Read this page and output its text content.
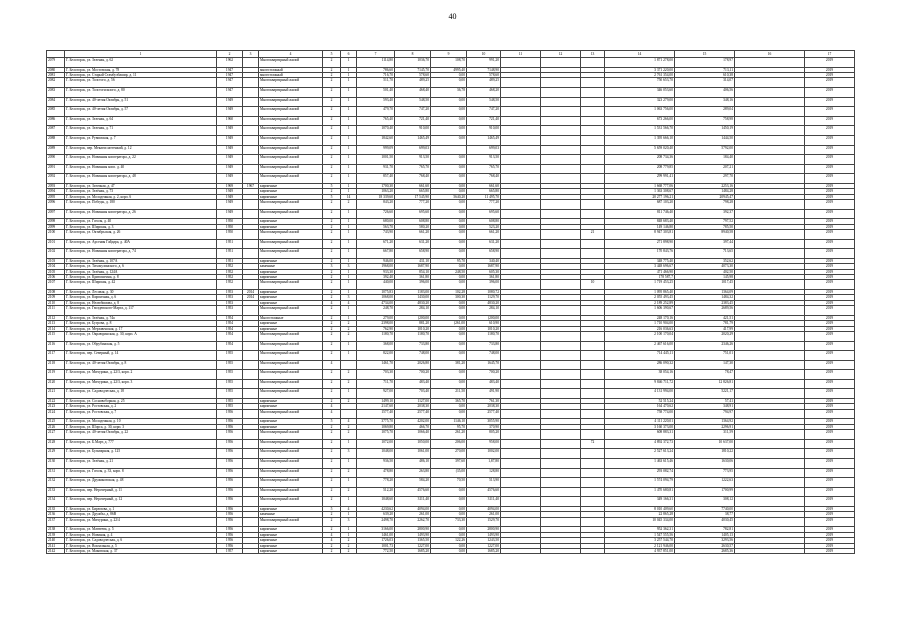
40
	1	2	3	4	5	6	7	8	9	10	11	12	13	14	15	16	17
2079	Г. Белогорск, ул. Зеленая, д. 62	1962		Многоквартирный жилой	2	1	1114,80	1036,70	108,70	991,20				1 871 278,00	178,97		2019
2080	Г. Белогорск, ул. Мостовская, д. 78	1947		многоэтажный	2	1	786,60	7145,70	4995,40	7148,90				3 371 220,00	713,11		2019
2081	Г. Белогорск, ул. Старый Стамбулбашир, д. 11	1947		многоэтажный	2	1	716,70	578,60	0,00	578,60				2 761 354,00	610,38		2019
2082	Г. Белогорск, ул. Толстого, д. 56	1947		Многоквартирный жилой	2	1	511,70	489,25	0,00	489,25				750 653,70	314,07		2019
2083	Г. Белогорск, ул. Толстогильзого, д. 80	1947		Многоквартирный жилой	2	1	501,40	468,40	36,78	468,20				346 053,60	406,56		2019
2084	Г. Белогорск, ул. 40-летия Октября, д. 51	1949		Многоквартирный жилой	2	1	593,40	548,50	0,00	548,50				323 279,00	348,16		2019
2085	Г. Белогорск, ул. 40-летия Октября, д. 57	1949		Многоквартирный жилой	2	1	479,70	747,20	0,00	747,20				1 063 756,00	289,04		2019
2086	Г. Белогорск, ул. Зеленая, д. 64	1960		Многоквартирный жилой	2	1	765,40	721,40	0,00	721,40				673 266,00	758,98		2019
2087	Г. Белогорск, ул. Зеленая, д. 71	1949		Многоквартирный жилой	2	1	1070,40	910,00	0,00	910,00				1 531 566,70	1450,19		2019
2088	Г. Белогорск, ул. Рувимская, д. 7	1949		Многоквартирный жилой	2	1	1842,60	1465,49	0,00	1465,49				1 395 666,10	1444,50		2019
2089	Г. Белогорск, пер. Мекагислаттенкий, д. 12	1949		Многоквартирный жилой	2	1	999,09	699,03		699,03				5 659 020,40	5792,00		2019
2090	Г. Белогорск, ул. Новинная кооператора, д. 22	1949		Многоквартирный жилой	2	1	1001,50	913,50	0,00	913,50				208 734,36	184,40		2019
2091	Г. Белогорск, ул. Новинная кооп. д. 40	1949		Многоквартирный жилой	2	1	931,70	765,70	0,00	765,70				208 779,85	207,21		2019
2092	Г. Белогорск, ул. Новинная кооператора, д. 48	1949		Многоквартирный жилой	2	1	857,40	768,40	0,00	768,40				299 991,41	297,70		2019
2093	Г. Белогорск, ул. Заточная, д. 47	1969	1967	кирпичные	5	1	1700,30	661,60	0,00	661,60				1 668 777,06	2253,16		2019
2094	Г. Белогорск, ул. Зелёная, д. 73	1949		кирпичные	2	1	1063,20	665,80	0,00	665,80				1 363 308,67	1484,28		2019
2095	Г. Белогорск, ул. Молодежная, д. 2, корп. 6	1949		кирпичные	5	14	18 339,60	17 545,90	5640,20	11 495,70				20 277 196,21	20945,47		2019
2096	Г. Белогорск, ул. Победы, д. 180	1949		Многоквартирный жилой	2	2	843,20	777,20	0,00	777,20				687 103,20	798,28		2019
2097	Г. Белогорск, ул. Новинная кооператора, д. 26	1949		Многоквартирный жилой	2	1	726,60	695,60	0,00	695,60				811 746,40	392,37		2019
2098	Г. Белогорск, ул. Гоголя, д. 40	1950		кирпичные	2	1	680,00	608,80	0,00	608,80				848 683,40	797,52		2019
2099	Г. Белогорск, ул. Широкая, д. 3	1950		кирпичные	2	1	563,70	580,20	0,00	523,20				149 146,80	785,50		2019
2100	Г. Белогорск, ул. Октябрьская, д. 26	1950		Многоквартирный жилой	2	1	743,90	661,20	0,00	661,20			21	8 947 303,81	8940,58		2019
2101	Г. Белогорск, ул. Арсения Гайдара, д. 40А	1951		Многоквартирный жилой	2	1	671,20	631,20	0,00	631,20				271 898,90	397,44		2019
2102	Г. Белогорск, ул. Новинная кооператора, д. 74	1951		Многоквартирный жилой	2	1	667,80	658,90	0,00	658,90				170 843,76	713,65		2019
2103	Г. Белогорск, ул. Зелёная, д. 107А	1951		кирпичные	2	1	946,00	431,10	95,70	340,40				348 775,40	352,62		2019
2104	Г. Белогорск, ул. Тихокулинского, д. 6	1952		каменные	3	3	1968,00	1687,90	0,00	1687,90				3 448 696,67	4073,30		2019
2105	Г. Белогорск, ул. Зелёная, д. 124А	1952		кирпичные	2	1	933,30	854,10	248,50	605,30				471 466,90	402,50		2019
2106	Г. Белогорск, ул. Кривошеина, д. 8	1952		кирпичные	2	1	392,40	361,80	0,00	361,80				178 587,7	145,98		2019
2107	Г. Белогорск, ул. Широкая, д. 42	1952		Многоквартирный жилой	2	1	440,00	396,00	0,00	396,00			10	1 719 453,25	1017,45		2019
2108	Г. Белогорск, ул. Лесовая, д. 30	1953	2014	кирпичные	2	1	1075,83	1183,00	102,28	1080,72				1 095 865,40	1364,09		2019
2109	Г. Белогорск, ул. Кирпичная, д. 6	1953	2014	кирпичные	2	3	1068,00	1430,00	300,30	1129,70				2 055 493,45	1484,32		2019
2110	Г. Белогорск, ул. Нелюбимова, д. 8	1953		кирпичные	4	4	4734,00	4830,20	0,00	4830,20				2 189 252,89	2383,45		2019
2111	Г. Белогорск, ул. Гвоздевского-Марта, д. 117	1953		Многоквартирный жилой	2	1	248,70	284,10	0,00	284,10				1 606 390,67	2689,56		2019
2112	Г. Белогорск, ул. Зелёная, д. 74а	1954		Многоэтажные	2	1	279,00	(200,00	0,00	(200,00				248 170,16	421,51		2019
2113	Г. Белогорск, ул. Бугрова, д. 8	1954		кирпичные	2	2	2398,00	881,20	(261,00	610,90				1 710 904,00	781,79		2019
2114	Г. Белогорск, ул. Мерзавенская, д. 17	1954		кирпичные	2	2	762,90	1010,20	0,00	1010,20				216 036,63	417,99		2019
2115	Г. Белогорск, ул. Окраюдинская, д. 30, корп. А	1954		Многоквартирный жилой	2	2	1180,70	1180,70	0,00	1180,70				2 100 170,04	2020,29		2019
2116	Г. Белогорск, ул. Обрубинская, д. 5	1954		Многоквартирный жилой	2	1	368,00	733,80	0,00	733,80				2 467 616,00	2346,26		2019
2117	Г. Белогорск, пер. Северный, д. 14	1955		Многоквартирный жилой	2	1	822,00	748,00	0,00	748,00				714 445,11	751,01		2019
2118	Г. Белогорск, ул. 40-летия Октября, д. 8	1955		Многоквартирный жилой	4		1461,70	2026,80	381,20	1645,70				286 090,32	147,30		2019
2119	Г. Белогорск, ул. Мичурина, д. 22/3, корп. 2	1955		Многоквартирный жилой	2	2	703,30	700,20	0,00	700,20				38 054,16	78,47		2019
2120	Г. Белогорск, ул. Мичурина, д. 22/3, корп. 3	1955		Многоквартирный жилой	2	2	711,70	483,40	0,00	483,40				9 846 711,72	12 826,81		2019
2121	Г. Белогорск, ул. Садоводческая, д. 18	1955		Многоквартирный жилой	2	1	927,00	703,40	211,50	491,90				4 131 994,00	5221,17		2019
2122	Г. Белогорск, ул. Сосновоборкая, д. 25	1955		кирпичные	2	2	1499,10	1127,00	365,70	761,30				52 515,24	57,41		2019
2123	Г. Белогорск, ул. Ростовская, д. 2	1955		кирпичные	4		2147,60	2038,30	0,00	2038,30				164 470,62	348,91		2019
2124	Г. Белогорск, ул. Ростовская, д. 7	1956		Многоквартирный жилой	4		1577,40	2577,40	0,00	2577,40				758 774,00	794,97		2019
2125	Г. Белогорск, ул. Молодежная, д. 10	1956		кирпичные	5	4	3775,70	4202,00	1146,10	3055,90				4 111 220,01	1364,92		2019
2126	Г. Белогорск, ул. Шорса, д. 30, корп. 3	1956		кирпичные	2	2	1069,80	466,70	95,70	370,90				3 160 373,00	2296,91		2019
2127	Г. Белогорск, ул. 40-летия Октября, д. 22	1956		Многоквартирный жилой	2	2	1075,70	1066,40	261,20	805,20				608 883,31	311,59		2019
2128	Г. Белогорск, ул. Б.Март, д. 777	1956		Многоквартирный жилой	2	1	1072,00	1050,00	206,00	958,00			72	4 892 372,73	10 637,00		2019
2129	Г. Белогорск, ул. Бульварная, д. 125	1956		Многоквартирный жилой	2	3	1048,00	1061,00	270,00	1002,00				2 527 613,24	1810,22		2019
2130	Г. Белогорск, ул. Зелёная, д. 21	1956		Многоквартирный жилой	2	1	936,50	486,10	397,60	1,87,80				1 463 615,46	1630,06		2019
2131	Г. Белогорск, ул. Гоголя, д. 33, корп. 8	1956		Многоквартирный жилой	2	2	478,80	263,80	(35,00	128,80				293 082,74	773,95		2019
2132	Г. Белогорск, ул. Дружиновская, д. 48	1956		Многоквартирный жилой	2	1	778,20	584,20	70,50	513,90				1 574 094,79	1222,63		2019
2133	Г. Белогорск, пер. Нерочерный, д. 11	1956		Многоквартирный жилой	2	2	512,20	4576,60	0,00	4576,60				1 470 680,81	1700,99		2019
2134	Г. Белогорск, пер. Нерочерный, д. 12	1956		Многоквартирный жилой	2	1	1048,60	3111,40	0,00	3111,40				349 166,31	308,12		2019
2135	Г. Белогорск, ул. Бирюзова, д. 1	1956		кирпичные	5	4	4230,62	4094,00	0,00	4094,00				8 010 409,60	7740,00		2019
2136	Г. Белогорск, ул. Дружбы, д. 86В	1956		каменные	2	1	639,20	261,00	0,00	261,00				22 865,28	38,77		2019
2137	Г. Белогорск, ул. Мичурина, д. 22/4	1956		Многоквартирный жилой	2	3	2498,70	2262,70	733,30	1529,70				10 045 334,00	4030,45		2019
2138	Г. Белогорск, ул. Матвеева, д. 5	1956		кирпичные	2	1	3166,00	2800,90	0,00	2800,90				952 362,31	782,81		2019
2139	Г. Белогорск, ул. Новиная, д. 4	1956		кирпичные	4	1	1461,00	1493,90	0,00	1493,90				1 547 555,56	1405,13		2019
2140	Г. Белогорск, ул. Садоводческая, д. 6	1956		кирпичные	4	2	1726,03	1365,50	122,26	1243,50				3 257 544,70	3293,56		2019
2141	Г. Белогорск, ул. Вокзальная, д. 5	1956		кирпичные	2	2	1001,73	1227,00	0,00	1227,00				2 121 946,00	2630,57		2019
2142	Г. Белогорск, ул. Маковская, д. 37	1957		кирпичные	2	2	772,50	1685,20	0,00	1685,20				4 937 851,00	2685,36		2019
